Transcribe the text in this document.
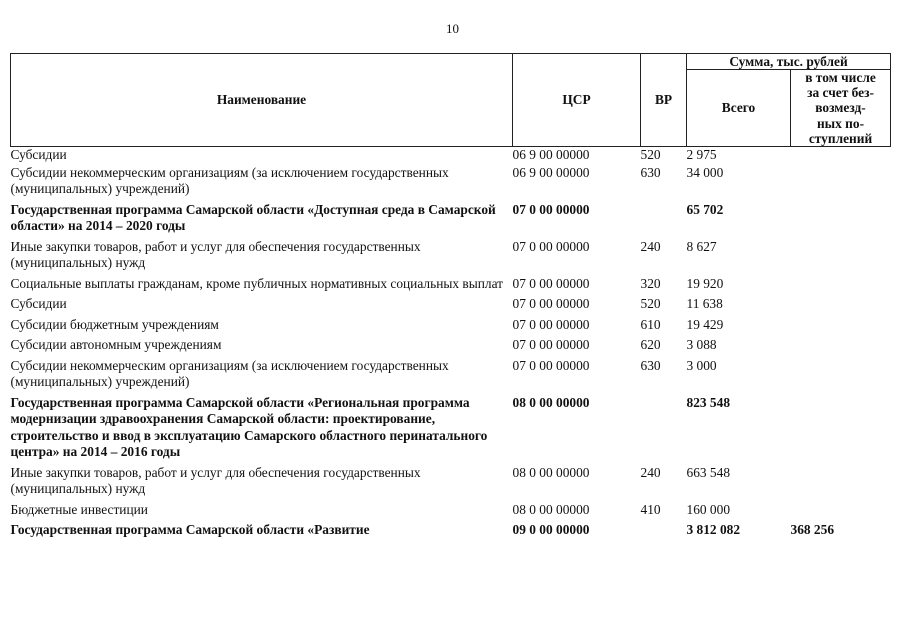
10
Наименование	ЦСР	ВР	Сумма, тыс. рублей	
			Всего	в том числе
за счет без-
возмезд-
ных по-
ступлений

Субсидии	06 9 00 00000	520	2 975	
Субсидии некоммерческим организациям (за исключением государственных (муниципальных) учреждений)	06 9 00 00000	630	34 000	
Государственная программа Самарской области «Доступная среда в Самарской области» на 2014 – 2020 годы	07 0 00 00000		65 702	
Иные закупки товаров, работ и услуг для обеспечения государственных (муниципальных) нужд	07 0 00 00000	240	8 627	
Социальные выплаты гражданам, кроме публичных нормативных социальных выплат	07 0 00 00000	320	19 920	
Субсидии	07 0 00 00000	520	11 638	
Субсидии бюджетным учреждениям	07 0 00 00000	610	19 429	
Субсидии автономным учреждениям	07 0 00 00000	620	3 088	
Субсидии некоммерческим организациям (за исключением государственных (муниципальных) учреждений)	07 0 00 00000	630	3 000	
Государственная программа Самарской области «Региональная программа модернизации здравоохранения Самарской области: проектирование, строительство и ввод в эксплуатацию Самарского областного перинатального центра» на 2014 – 2016 годы	08 0 00 00000		823 548	
Иные закупки товаров, работ и услуг для обеспечения государственных (муниципальных) нужд	08 0 00 00000	240	663 548	
Бюджетные инвестиции	08 0 00 00000	410	160 000	
Государственная программа Самарской области «Развитие	09 0 00 00000		3 812 082	368 256
